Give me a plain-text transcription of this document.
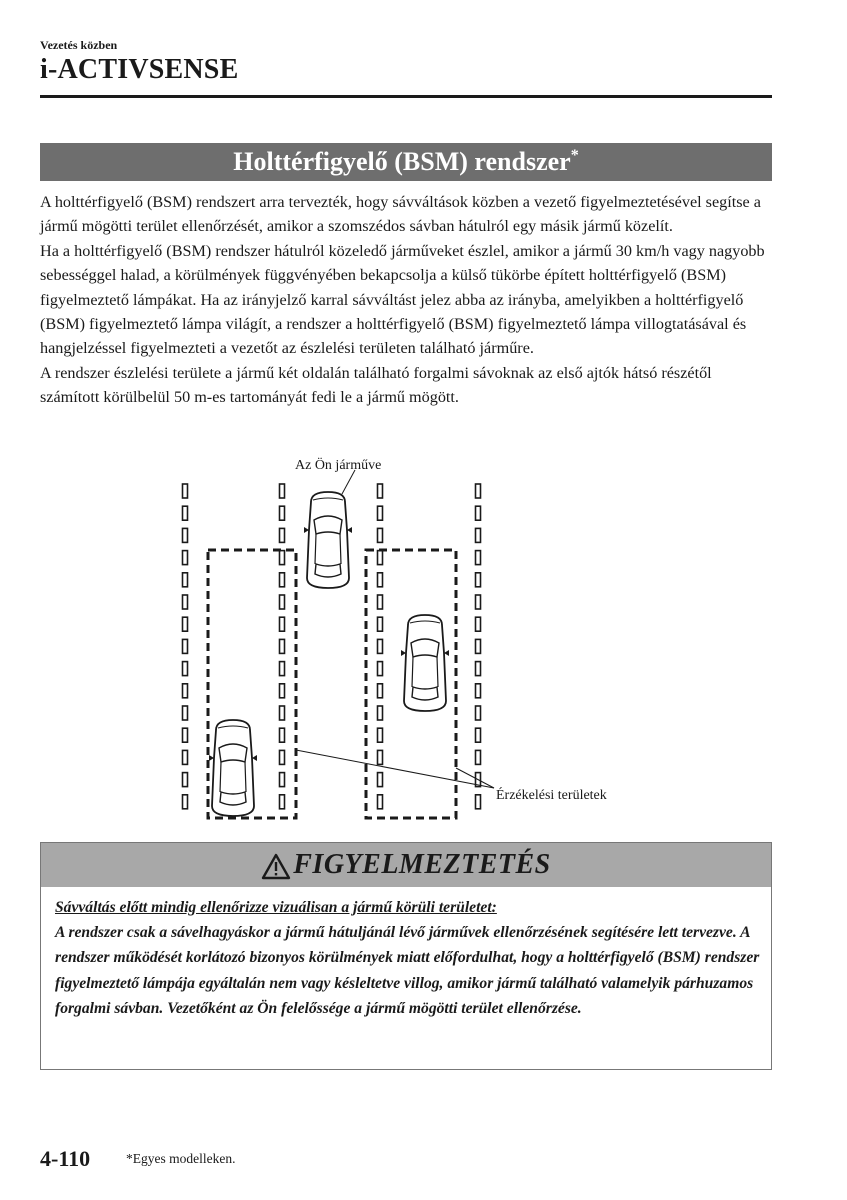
Vezetés közben
i-ACTIVSENSE
Holttérfigyelő (BSM) rendszer*

A holttérfigyelő (BSM) rendszert arra tervezték, hogy sávváltások közben a vezető figyelmeztetésével segítse a jármű mögötti terület ellenőrzését, amikor a szomszédos sávban hátulról egy másik jármű közelít.

Ha a holttérfigyelő (BSM) rendszer hátulról közeledő járműveket észlel, amikor a jármű 30 km/h vagy nagyobb sebességgel halad, a körülmények függvényében bekapcsolja a külső tükörbe épített holttérfigyelő (BSM) figyelmeztető lámpákat. Ha az irányjelző karral sávváltást jelez abba az irányba, amelyikben a holttérfigyelő (BSM) figyelmeztető lámpa világít, a rendszer a holttérfigyelő (BSM) figyelmeztető lámpa villogtatásával és hangjelzéssel figyelmezteti a vezetőt az észlelési területen található járműre.

A rendszer észlelési területe a jármű két oldalán található forgalmi sávoknak az első ajtók hátsó részétől számított körülbelül 50 m-es tartományát fedi le a jármű mögött.

Az Ön járműve
Érzékelési területek
FIGYELMEZTETÉS

Sávváltás előtt mindig ellenőrizze vizuálisan a jármű körüli területet:

A rendszer csak a sávelhagyáskor a jármű hátuljánál lévő járművek ellenőrzésének segítésére lett tervezve. A rendszer működését korlátozó bizonyos körülmények miatt előfordulhat, hogy a holttérfigyelő (BSM) rendszer figyelmeztető lámpája egyáltalán nem vagy késleltetve villog, amikor jármű található valamelyik párhuzamos forgalmi sávban. Vezetőként az Ön felelőssége a jármű mögötti terület ellenőrzése.

4-110	*Egyes modelleken.
